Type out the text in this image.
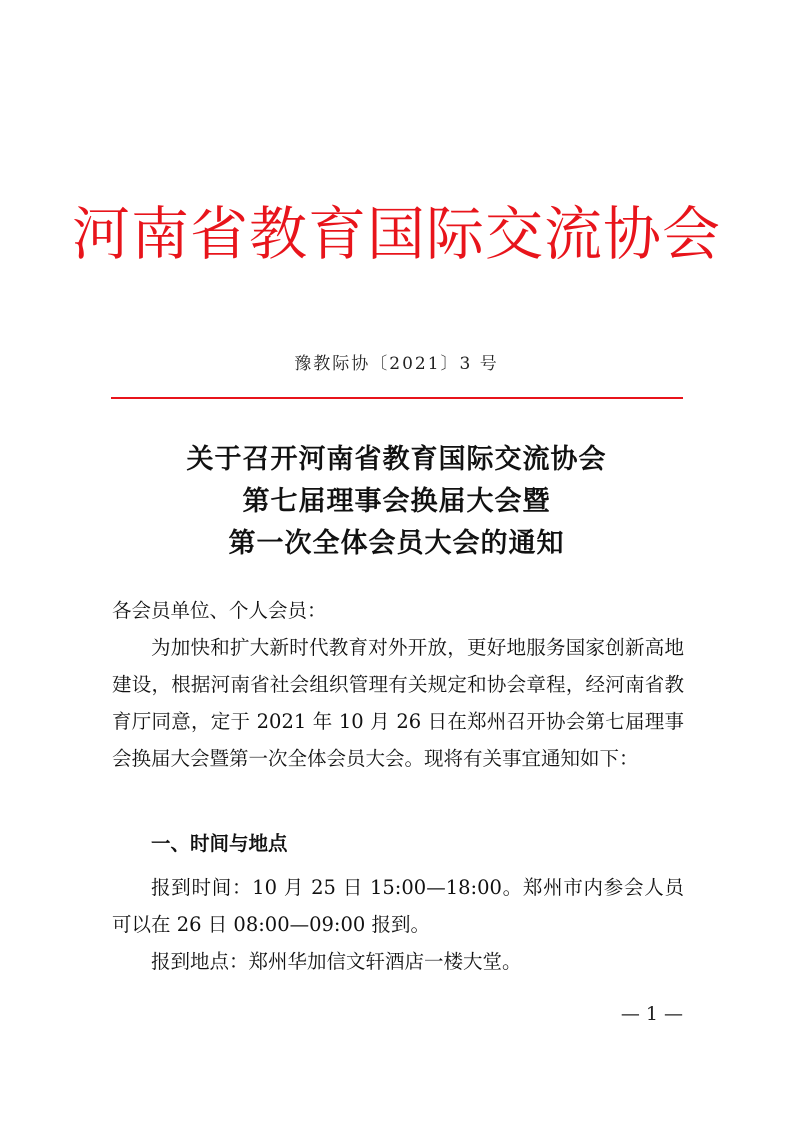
河南省教育国际交流协会
豫教际协〔2021〕3 号
关于召开河南省教育国际交流协会
第七届理事会换届大会暨
第一次全体会员大会的通知
各会员单位、个人会员：
为加快和扩大新时代教育对外开放，更好地服务国家创新高地建设，根据河南省社会组织管理有关规定和协会章程，经河南省教育厅同意，定于 2021 年 10 月 26 日在郑州召开协会第七届理事会换届大会暨第一次全体会员大会。现将有关事宜通知如下：
一、时间与地点
报到时间：10 月 25 日 15:00—18:00。郑州市内参会人员可以在 26 日 08:00—09:00 报到。
报到地点：郑州华加信文轩酒店一楼大堂。
— 1 —
